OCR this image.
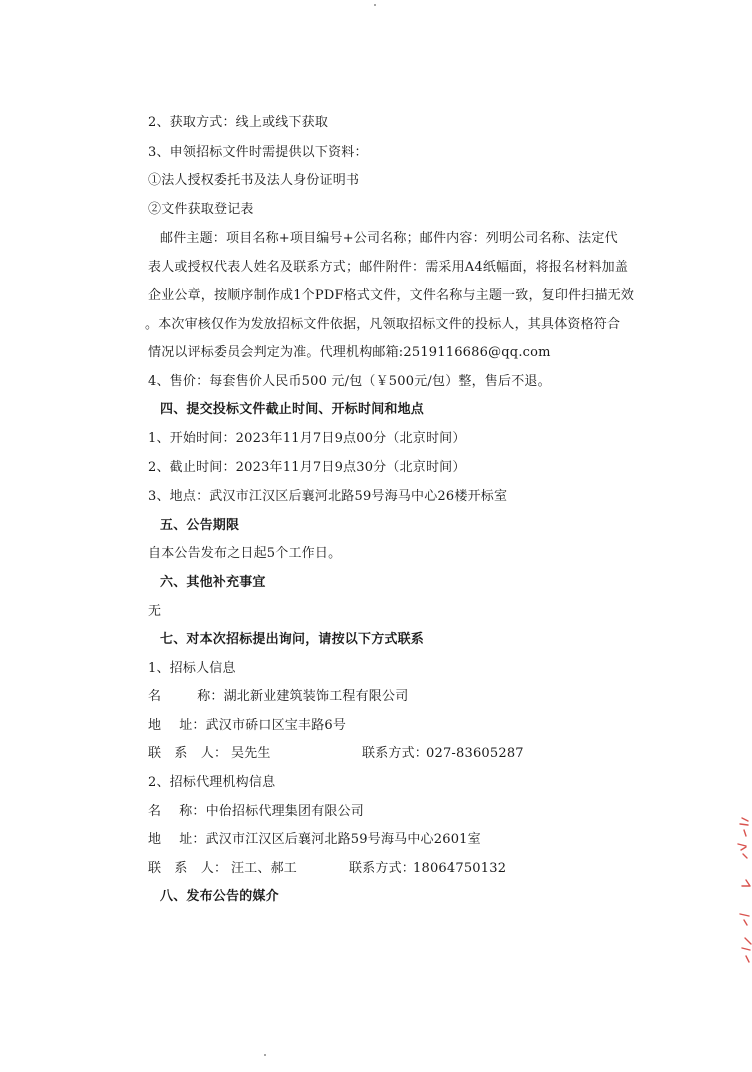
2、获取方式：线上或线下获取
3、申领招标文件时需提供以下资料：
①法人授权委托书及法人身份证明书
②文件获取登记表
邮件主题：项目名称+项目编号+公司名称；邮件内容：列明公司名称、法定代
表人或授权代表人姓名及联系方式；邮件附件：需采用A4纸幅面，将报名材料加盖
企业公章，按顺序制作成1个PDF格式文件，文件名称与主题一致，复印件扫描无效
。本次审核仅作为发放招标文件依据，凡领取招标文件的投标人，其具体资格符合
情况以评标委员会判定为准。代理机构邮箱:2519116686@qq.com
4、售价：每套售价人民币500 元/包（￥500元/包）整，售后不退。
四、提交投标文件截止时间、开标时间和地点
1、开始时间：2023年11月7日9点00分（北京时间）
2、截止时间：2023年11月7日9点30分（北京时间）
3、地点：武汉市江汉区后襄河北路59号海马中心26楼开标室
五、公告期限
自本公告发布之日起5个工作日。
六、其他补充事宜
无
七、对本次招标提出询问，请按以下方式联系
1、招标人信息
名	称：湖北新业建筑装饰工程有限公司
地 址：武汉市硚口区宝丰路6号
联　系　人： 吴先生	联系方式：
027-83605287
2、招标代理机构信息
名 称：中佁招标代理集团有限公司
地 址：武汉市江汉区后襄河北路59号海马中心2601室
联　系　人： 汪工、郝工	联系方式：
18064750132
八、发布公告的媒介
